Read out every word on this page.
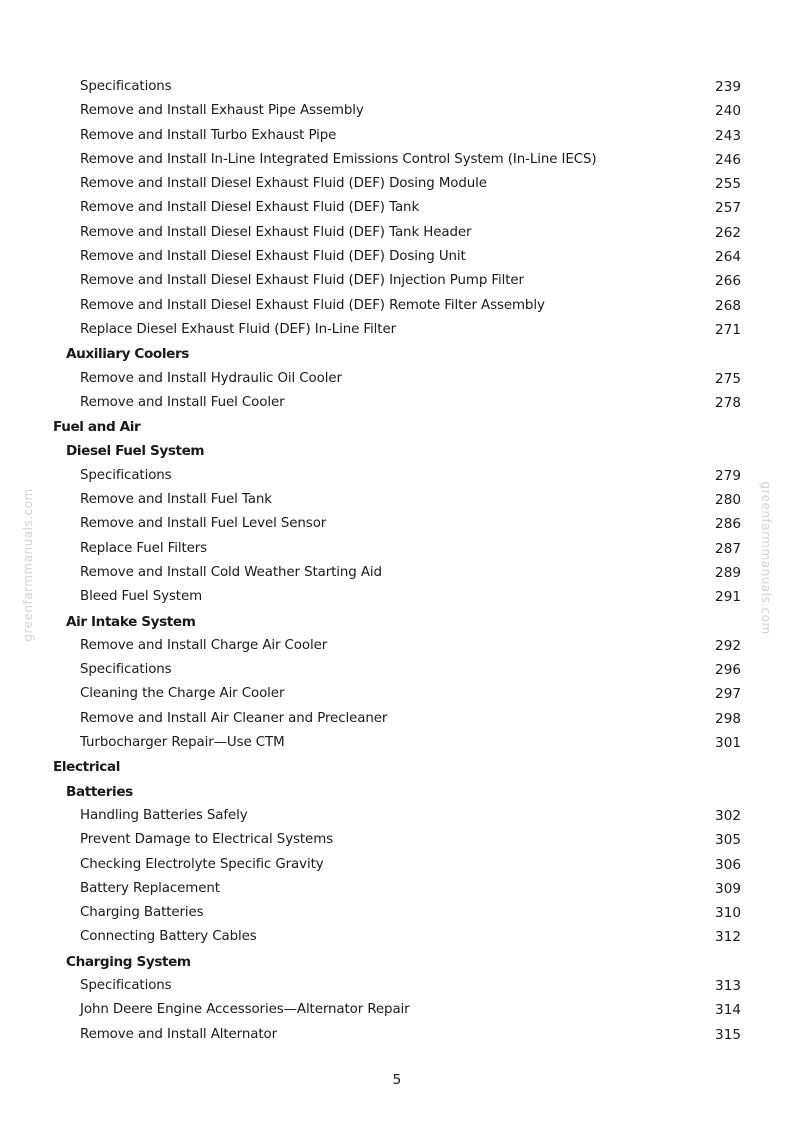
Specifications	239
Remove and Install Exhaust Pipe Assembly	240
Remove and Install Turbo Exhaust Pipe	243
Remove and Install In-Line Integrated Emissions Control System (In-Line IECS)	246
Remove and Install Diesel Exhaust Fluid (DEF) Dosing Module	255
Remove and Install Diesel Exhaust Fluid (DEF) Tank	257
Remove and Install Diesel Exhaust Fluid (DEF) Tank Header	262
Remove and Install Diesel Exhaust Fluid (DEF) Dosing Unit	264
Remove and Install Diesel Exhaust Fluid (DEF) Injection Pump Filter	266
Remove and Install Diesel Exhaust Fluid (DEF) Remote Filter Assembly	268
Replace Diesel Exhaust Fluid (DEF) In-Line Filter	271
Auxiliary Coolers
Remove and Install Hydraulic Oil Cooler	275
Remove and Install Fuel Cooler	278
Fuel and Air
Diesel Fuel System
Specifications	279
Remove and Install Fuel Tank	280
Remove and Install Fuel Level Sensor	286
Replace Fuel Filters	287
Remove and Install Cold Weather Starting Aid	289
Bleed Fuel System	291
Air Intake System
Remove and Install Charge Air Cooler	292
Specifications	296
Cleaning the Charge Air Cooler	297
Remove and Install Air Cleaner and Precleaner	298
Turbocharger Repair—Use CTM	301
Electrical
Batteries
Handling Batteries Safely	302
Prevent Damage to Electrical Systems	305
Checking Electrolyte Specific Gravity	306
Battery Replacement	309
Charging Batteries	310
Connecting Battery Cables	312
Charging System
Specifications	313
John Deere Engine Accessories—Alternator Repair	314
Remove and Install Alternator	315
greenfarmmanuals.com	greenfarmmanuals.com
5
